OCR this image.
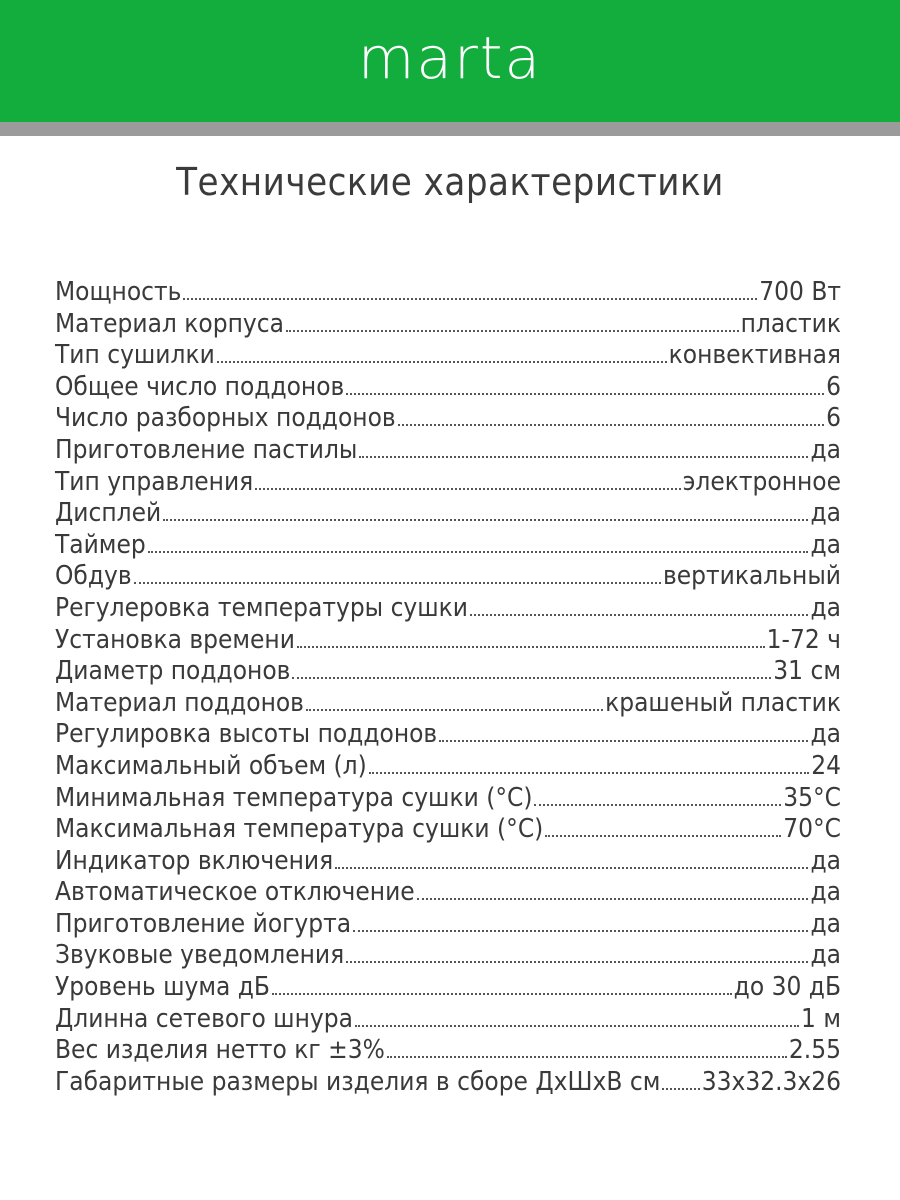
marta
Технические характеристики
Мощность	700 Вт
Материал корпуса	пластик
Тип сушилки	конвективная
Общее число поддонов	6
Число разборных поддонов	6
Приготовление пастилы	да
Тип управления	электронное
Дисплей	да
Таймер	да
Обдув	вертикальный
Регулеровка температуры сушки	да
Установка времени	1-72 ч
Диаметр поддонов	31 см
Материал поддонов	крашеный пластик
Регулировка высоты поддонов	да
Максимальный объем (л)	24
Минимальная температура сушки (°С)	35°С
Максимальная температура сушки (°С)	70°С
Индикатор включения	да
Автоматическое отключение	да
Приготовление йогурта	да
Звуковые уведомления	да
Уровень шума дБ	до 30 дБ
Длинна сетевого шнура	1 м
Вес изделия нетто кг ±3%	2.55
Габаритные размеры изделия в сборе ДхШхВ см 33х32.3х26
